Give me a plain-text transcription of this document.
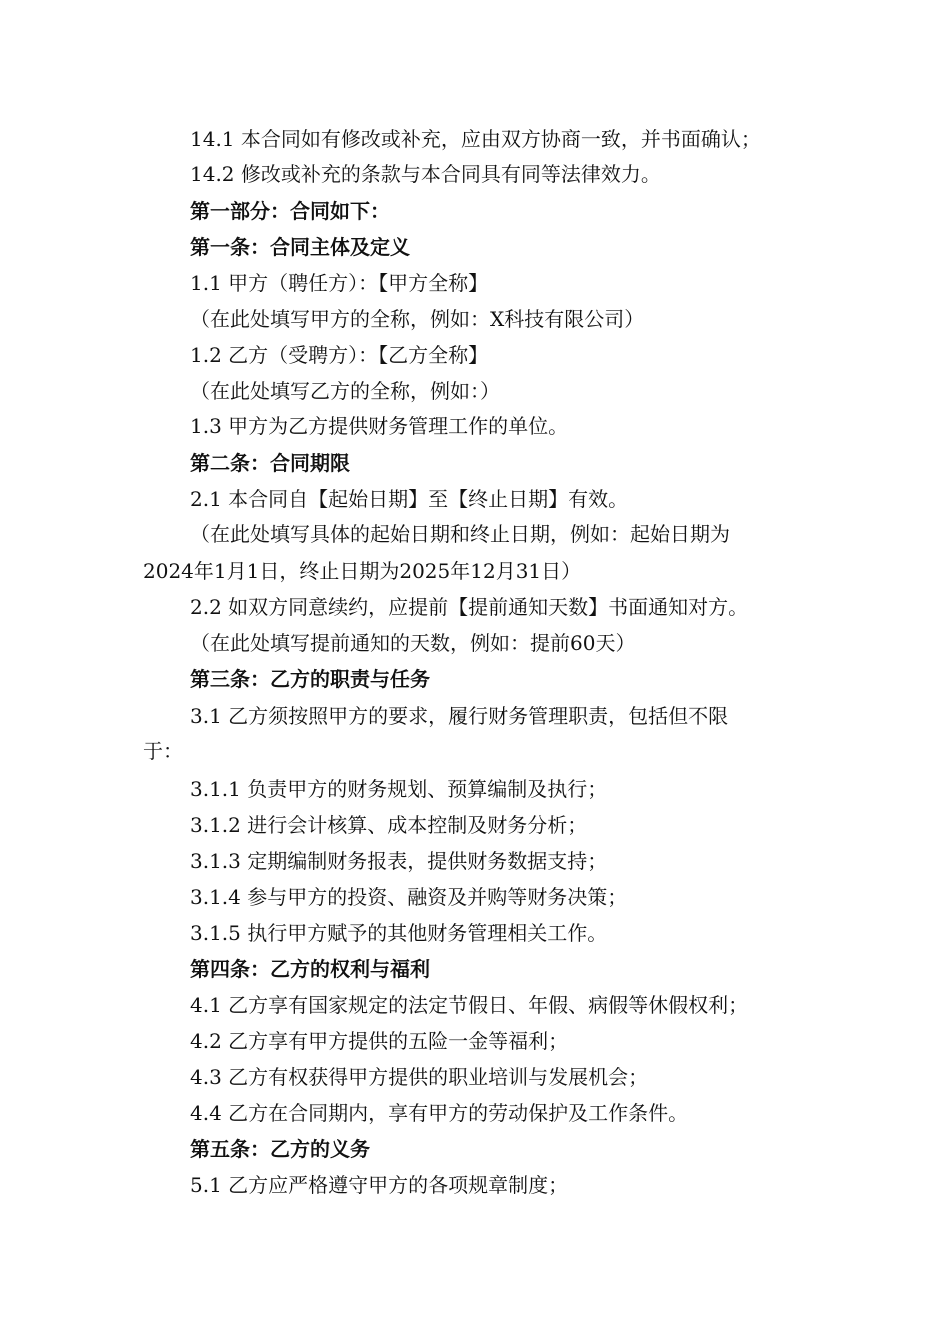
14.1 本合同如有修改或补充，应由双方协商一致，并书面确认；
14.2 修改或补充的条款与本合同具有同等法律效力。
第一部分：合同如下：
第一条：合同主体及定义
1.1 甲方（聘任方）：【甲方全称】
（在此处填写甲方的全称，例如：X科技有限公司）
1.2 乙方（受聘方）：【乙方全称】
（在此处填写乙方的全称，例如：）
1.3 甲方为乙方提供财务管理工作的单位。
第二条：合同期限
2.1 本合同自【起始日期】至【终止日期】有效。
（在此处填写具体的起始日期和终止日期，例如：起始日期为
2024年1月1日，终止日期为2025年12月31日）
2.2 如双方同意续约，应提前【提前通知天数】书面通知对方。
（在此处填写提前通知的天数，例如：提前60天）
第三条：乙方的职责与任务
3.1 乙方须按照甲方的要求，履行财务管理职责，包括但不限
于：
3.1.1 负责甲方的财务规划、预算编制及执行；
3.1.2 进行会计核算、成本控制及财务分析；
3.1.3 定期编制财务报表，提供财务数据支持；
3.1.4 参与甲方的投资、融资及并购等财务决策；
3.1.5 执行甲方赋予的其他财务管理相关工作。
第四条：乙方的权利与福利
4.1 乙方享有国家规定的法定节假日、年假、病假等休假权利；
4.2 乙方享有甲方提供的五险一金等福利；
4.3 乙方有权获得甲方提供的职业培训与发展机会；
4.4 乙方在合同期内，享有甲方的劳动保护及工作条件。
第五条：乙方的义务
5.1 乙方应严格遵守甲方的各项规章制度；
